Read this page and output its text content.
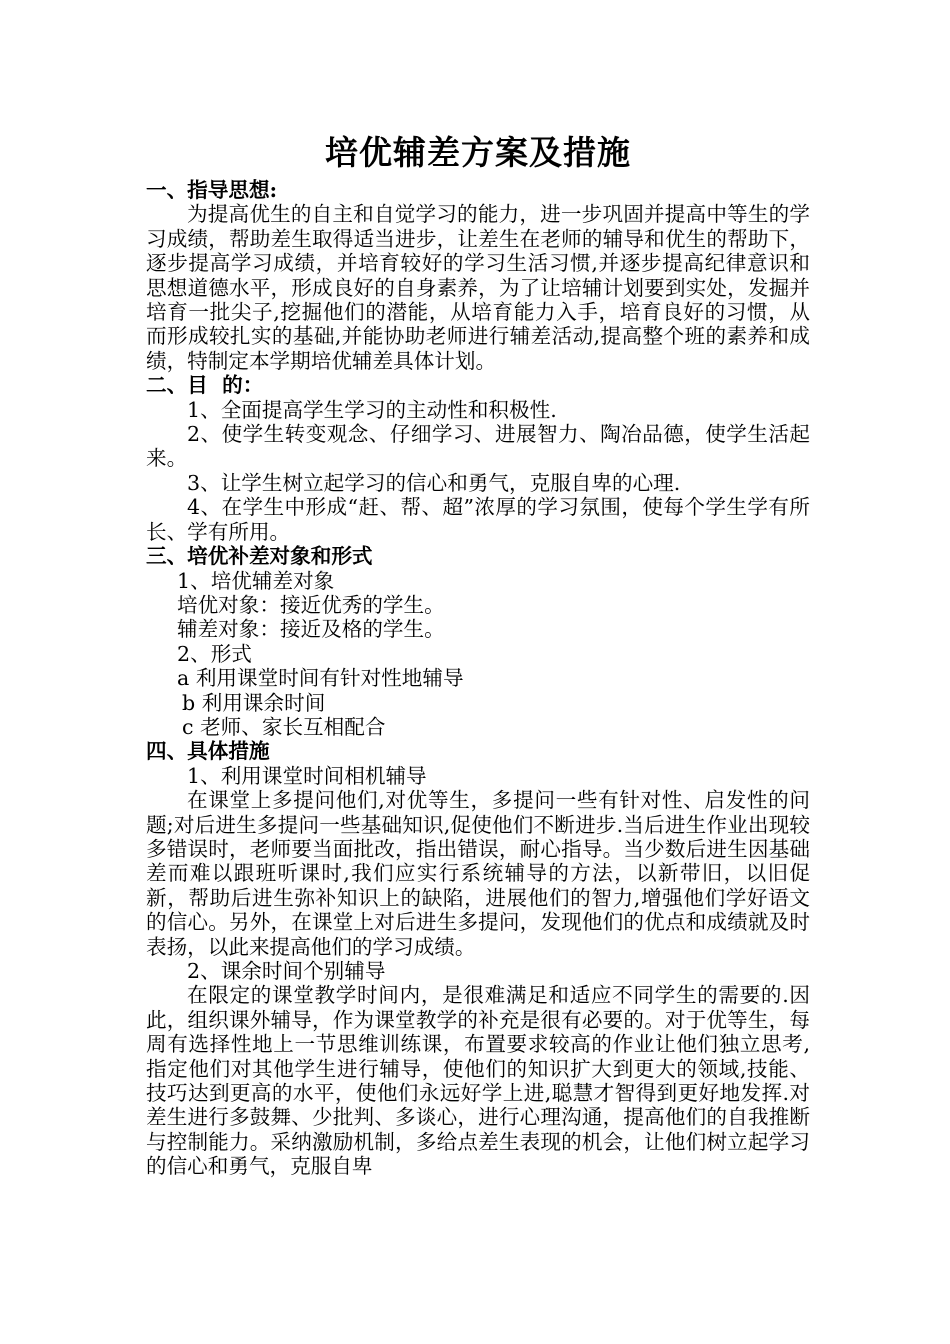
培优辅差方案及措施

一、指导思想:

为提高优生的自主和自觉学习的能力，进一步巩固并提高中等生的学习成绩，帮助差生取得适当进步，让差生在老师的辅导和优生的帮助下，逐步提高学习成绩，并培育较好的学习生活习惯,并逐步提高纪律意识和思想道德水平，形成良好的自身素养，为了让培辅计划要到实处，发掘并培育一批尖子,挖掘他们的潜能，从培育能力入手，培育良好的习惯，从而形成较扎实的基础,并能协助老师进行辅差活动,提高整个班的素养和成绩，特制定本学期培优辅差具体计划。

二、目  的：

1、全面提高学生学习的主动性和积极性.

2、使学生转变观念、仔细学习、进展智力、陶冶品德，使学生活起来。

3、让学生树立起学习的信心和勇气，克服自卑的心理.

4、在学生中形成“赶、帮、超”浓厚的学习氛围，使每个学生学有所长、学有所用。

三、培优补差对象和形式

1、培优辅差对象

培优对象：接近优秀的学生。

辅差对象：接近及格的学生。

2、形式

a 利用课堂时间有针对性地辅导

b 利用课余时间

c 老师、家长互相配合

四、具体措施

1、利用课堂时间相机辅导

在课堂上多提问他们,对优等生，多提问一些有针对性、启发性的问题;对后进生多提问一些基础知识,促使他们不断进步.当后进生作业出现较多错误时，老师要当面批改，指出错误，耐心指导。当少数后进生因基础差而难以跟班听课时,我们应实行系统辅导的方法，以新带旧，以旧促新，帮助后进生弥补知识上的缺陷，进展他们的智力,增强他们学好语文的信心。另外，在课堂上对后进生多提问，发现他们的优点和成绩就及时表扬，以此来提高他们的学习成绩。

2、课余时间个别辅导

在限定的课堂教学时间内，是很难满足和适应不同学生的需要的.因此，组织课外辅导，作为课堂教学的补充是很有必要的。对于优等生，每周有选择性地上一节思维训练课，布置要求较高的作业让他们独立思考,指定他们对其他学生进行辅导，使他们的知识扩大到更大的领域,技能、技巧达到更高的水平，使他们永远好学上进,聪慧才智得到更好地发挥.对差生进行多鼓舞、少批判、多谈心，进行心理沟通，提高他们的自我推断与控制能力。采纳激励机制，多给点差生表现的机会，让他们树立起学习的信心和勇气，克服自卑
